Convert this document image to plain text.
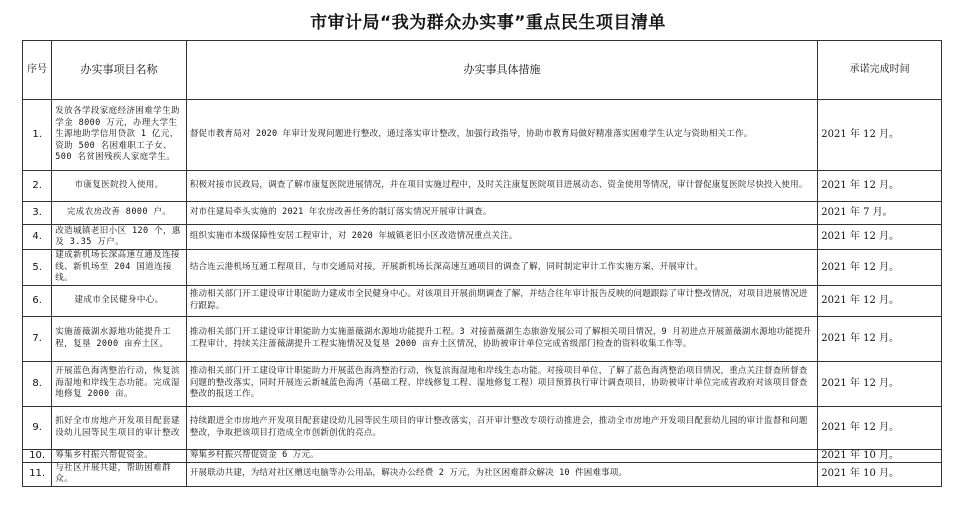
市审计局“我为群众办实事”重点民生项目清单
序号	办实事项目名称	办实事具体措施	承诺完成时间
1.	发放各学段家庭经济困难学生助学金 8000 万元，办理大学生生源地助学信用贷款 1 亿元，资助 500 名困难职工子女、500 名贫困残疾人家庭学生。	督促市教育局对 2020 年审计发现问题进行整改，通过落实审计整改，加强行政指导，协助市教育局做好精准落实困难学生认定与资助相关工作。	2021 年 12 月。
2.	市康复医院投入使用。	积极对接市民政局，调查了解市康复医院进展情况，并在项目实施过程中，及时关注康复医院项目进展动态、资金使用等情况，审计督促康复医院尽快投入使用。	2021 年 12 月。
3.	完成农房改善 8000 户。	对市住建局牵头实施的 2021 年农房改善任务的制订落实情况开展审计调查。	2021 年 7 月。
4.	改造城镇老旧小区 120 个，惠及 3.35 万户。	组织实施市本级保障性安居工程审计，对 2020 年城镇老旧小区改造情况重点关注。	2021 年 12 月。
5.	建成新机场长深高速互通及连接线、新机场至 204 国道连接线。	结合连云港机场互通工程项目，与市交通局对接，开展新机场长深高速互通项目的调查了解，同时制定审计工作实施方案，开展审计。	2021 年 12 月。
6.	建成市全民健身中心。	推动相关部门开工建设审计职能助力建成市全民健身中心。对该项目开展前期调查了解，并结合往年审计报告反映的问题跟踪了审计整改情况，对项目进展情况进行跟踪。	2021 年 12 月。
7.	实施蔷薇湖水源地功能提升工程，复垦 2000 亩弃土区。	推动相关部门开工建设审计职能助力实施蔷薇湖水源地功能提升工程。3 对接蔷薇湖生态旅游发展公司了解相关项目情况，9 月初进点开展蔷薇湖水源地功能提升工程审计，持续关注蔷薇湖提升工程实施情况及复垦 2000 亩弃土区情况，协助被审计单位完成省级部门检查的资料收集工作等。	2021 年 12 月。
8.	开展蓝色海湾整治行动，恢复滨海湿地和岸线生态功能。完成湿地修复 2000 亩。	推动相关部门开工建设审计职能助力开展蓝色海湾整治行动，恢复滨海湿地和岸线生态功能。对接项目单位，了解了蓝色海湾整治项目情况，重点关注督查所督查问题的整改落实，同时开展连云新城蓝色海湾（基础工程、岸线修复工程、湿地修复工程）项目预算执行审计调查项目，协助被审计单位完成省政府对该项目督查整改的报送工作。	2021 年 12 月。
9.	抓好全市房地产开发项目配套建设幼儿园等民生项目的审计整改	持续跟进全市房地产开发项目配套建设幼儿园等民生项目的审计整改落实，召开审计整改专项行动推进会，推动全市房地产开发项目配套幼儿园的审计监督和问题整改，争取把该项目打造成全市创新创优的亮点。	2021 年 12 月。
10.	筹集乡村振兴帮促资金。	筹集乡村振兴帮促资金 6 万元。	2021 年 10 月。
11.	与社区开展共建，帮助困难群众。	开展联动共建，为结对社区赠送电脑等办公用品，解决办公经费 2 万元，为社区困难群众解决 10 件困难事项。	2021 年 10 月。
